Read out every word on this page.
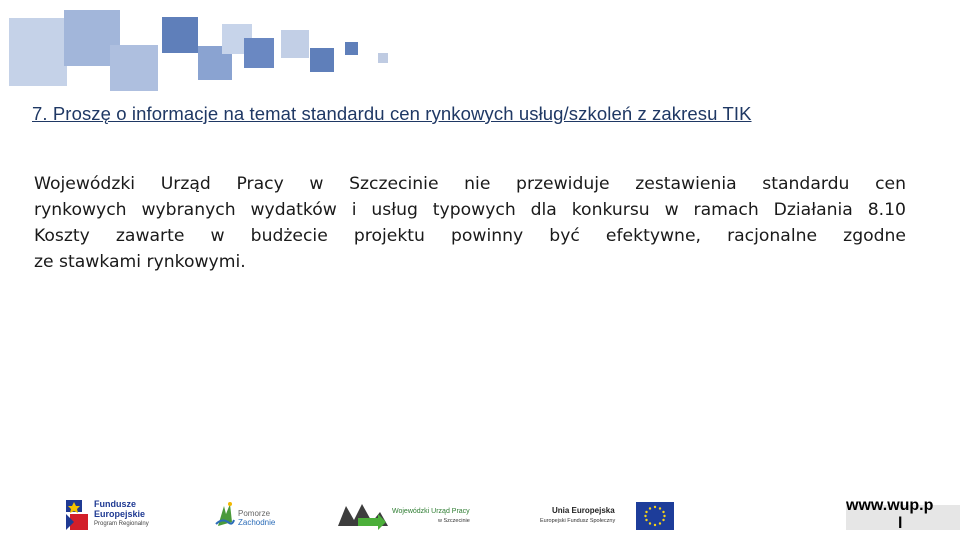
7. Proszę o informacje na temat standardu cen rynkowych usług/szkoleń z zakresu TIK
Wojewódzki Urząd Pracy w Szczecinie nie przewiduje zestawienia standardu cen
rynkowych wybranych wydatków i usług typowych dla konkursu w ramach Działania 8.10
Koszty zawarte w budżecie projektu powinny być efektywne, racjonalne zgodne
ze stawkami rynkowymi.
Fundusze
Europejskie
Program Regionalny
Pomorze
Zachodnie
Wojewódzki Urząd Pracy
w Szczecinie
Unia Europejska
Europejski Fundusz Społeczny
www.wup.p
l
